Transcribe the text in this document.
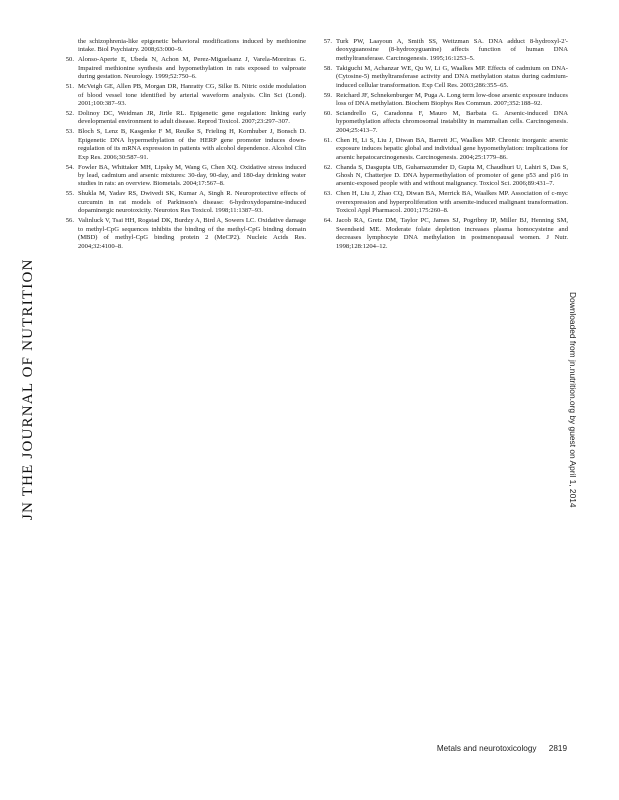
JN THE JOURNAL OF NUTRITION
the schizophrenia-like epigenetic behavioral modifications induced by methionine intake. Biol Psychiatry. 2008;63:000–9.
50. Alonso-Aperte E, Ubeda N, Achon M, Perez-Miguelsanz J, Varela-Moreiras G. Impaired methionine synthesis and hypomethylation in rats exposed to valproate during gestation. Neurology. 1999;52:750–6.
51. McVeigh GE, Allen PB, Morgan DR, Hanratty CG, Silke B. Nitric oxide modulation of blood vessel tone identified by arterial waveform analysis. Clin Sci (Lond). 2001;100:387–93.
52. Dolinoy DC, Weidman JR, Jirtle RL. Epigenetic gene regulation: linking early developmental environment to adult disease. Reprod Toxicol. 2007;23:297–307.
53. Bloch S, Lenz B, Kasgenke F M, Reulke S, Frieling H, Kornhuber J, Bonsch D. Epigenetic DNA hypermethylation of the HERP gene promoter induces down-regulation of its mRNA expression in patients with alcohol dependence. Alcohol Clin Exp Res. 2006;30:587–91.
54. Fowler BA, Whittaker MH, Lipsky M, Wang G, Chen XQ. Oxidative stress induced by lead, cadmium and arsenic mixtures: 30-day, 90-day, and 180-day drinking water studies in rats: an overview. Biometals. 2004;17:567–8.
55. Shukla M, Yadav RS, Dwivedi SK, Kumar A, Singh R. Neuroprotective effects of curcumin in rat models of Parkinson's disease: 6-hydroxydopamine-induced dopaminergic neurotoxicity. Neurotox Res Toxicol. 1998;11:1387–93.
56. Valinluck V, Tsai HH, Rogstad DK, Burdzy A, Bird A, Sowers LC. Oxidative damage to methyl-CpG sequences inhibits the binding of the methyl-CpG binding domain (MBD) of methyl-CpG binding protein 2 (MeCP2). Nucleic Acids Res. 2004;32:4100–8.
57. Turk PW, Laayoun A, Smith SS, Weitzman SA. DNA adduct 8-hydroxyl-2'-deoxyguanosine (8-hydroxyguanine) affects function of human DNA methyltransferase. Carcinogenesis. 1995;16:1253–5.
58. Takiguchi M, Achanzar WE, Qu W, Li G, Waalkes MP. Effects of cadmium on DNA-(Cytosine-5) methyltransferase activity and DNA methylation status during cadmium-induced cellular transformation. Exp Cell Res. 2003;286:355–65.
59. Reichard JF, Schnekenburger M, Puga A. Long term low-dose arsenic exposure induces loss of DNA methylation. Biochem Biophys Res Commun. 2007;352:188–92.
60. Sciandrello G, Caradonna F, Mauro M, Barbata G. Arsenic-induced DNA hypomethylation affects chromosomal instability in mammalian cells. Carcinogenesis. 2004;25:413–7.
61. Chen H, Li S, Liu J, Diwan BA, Barrett JC, Waalkes MP. Chronic inorganic arsenic exposure induces hepatic global and individual gene hypomethylation: implications for arsenic hepatocarcinogenesis. Carcinogenesis. 2004;25:1779–86.
62. Chanda S, Dasgupta UB, Guhamazumder D, Gupta M, Chaudhuri U, Lahiri S, Das S, Ghosh N, Chatterjee D. DNA hypermethylation of promoter of gene p53 and p16 in arsenic-exposed people with and without malignancy. Toxicol Sci. 2006;89:431–7.
63. Chen H, Liu J, Zhao CQ, Diwan BA, Merrick BA, Waalkes MP. Association of c-myc overexpression and hyperproliferation with arsenite-induced malignant transformation. Toxicol Appl Pharmacol. 2001;175:260–8.
64. Jacob RA, Gretz DM, Taylor PC, James SJ, Pogribny IP, Miller BJ, Henning SM, Swendseid ME. Moderate folate depletion increases plasma homocysteine and decreases lymphocyte DNA methylation in postmenopausal women. J Nutr. 1998;128:1204–12.
Downloaded from jn.nutrition.org by guest on April 1, 2014
Metals and neurotoxicology 2819
